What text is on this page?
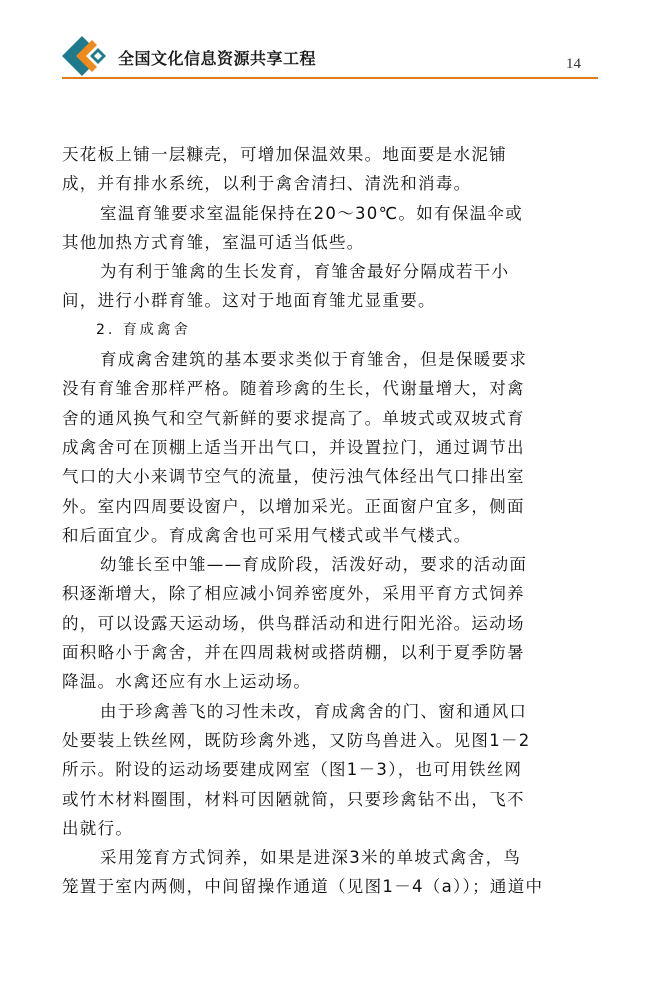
全国文化信息资源共享工程	14
天花板上铺一层糠壳，可增加保温效果。地面要是水泥铺
成，并有排水系统，以利于禽舍清扫、清洗和消毒。
室温育雏要求室温能保持在20～30℃。如有保温伞或
其他加热方式育雏，室温可适当低些。
为有利于雏禽的生长发育，育雏舍最好分隔成若干小
间，进行小群育雏。这对于地面育雏尤显重要。
2. 育成禽舍
育成禽舍建筑的基本要求类似于育雏舍，但是保暖要求
没有育雏舍那样严格。随着珍禽的生长，代谢量增大，对禽
舍的通风换气和空气新鲜的要求提高了。单坡式或双坡式育
成禽舍可在顶棚上适当开出气口，并设置拉门，通过调节出
气口的大小来调节空气的流量，使污浊气体经出气口排出室
外。室内四周要设窗户，以增加采光。正面窗户宜多，侧面
和后面宜少。育成禽舍也可采用气楼式或半气楼式。
幼雏长至中雏——育成阶段，活泼好动，要求的活动面
积逐渐增大，除了相应减小饲养密度外，采用平育方式饲养
的，可以设露天运动场，供鸟群活动和进行阳光浴。运动场
面积略小于禽舍，并在四周栽树或搭荫棚，以利于夏季防暑
降温。水禽还应有水上运动场。
由于珍禽善飞的习性未改，育成禽舍的门、窗和通风口
处要装上铁丝网，既防珍禽外逃，又防鸟兽进入。见图1－2
所示。附设的运动场要建成网室（图1－3），也可用铁丝网
或竹木材料圈围，材料可因陋就简，只要珍禽钻不出，飞不
出就行。
采用笼育方式饲养，如果是进深3米的单坡式禽舍，鸟
笼置于室内两侧，中间留操作通道（见图1－4（a））；通道中
